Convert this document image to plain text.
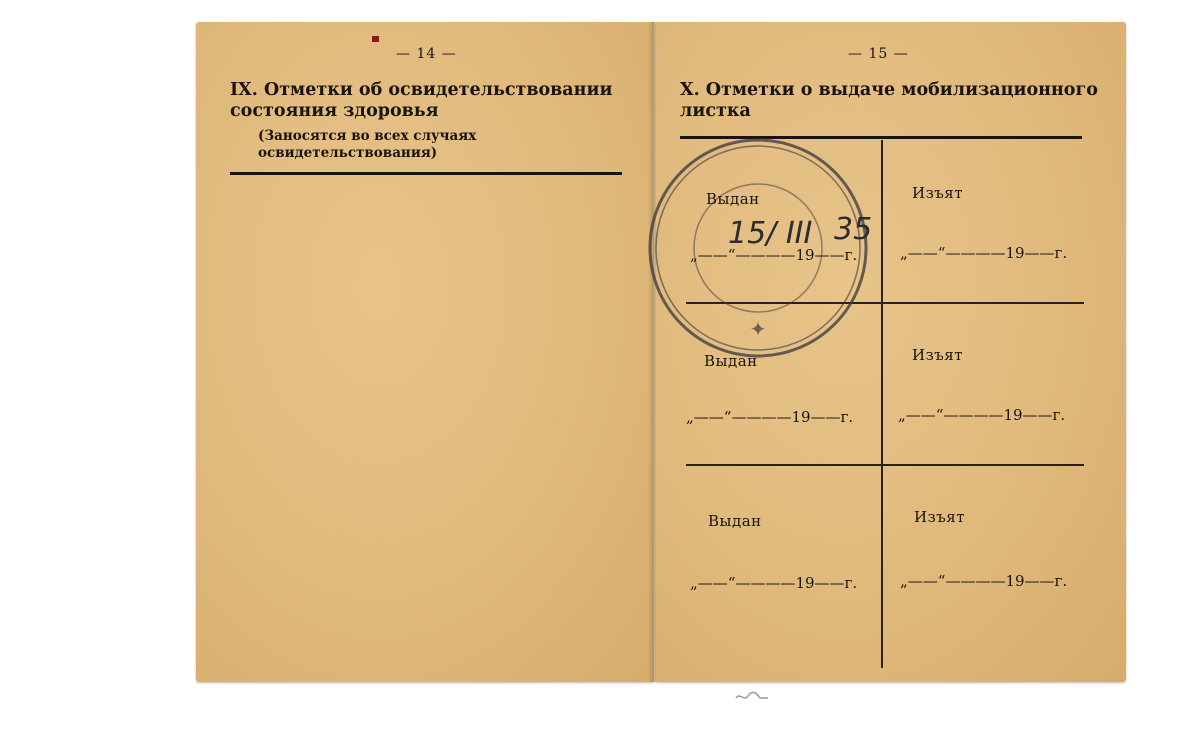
— 14 —
IX. Отметки об освидетельствовании состояния здоровья
(Заносятся во всех случаях освидетельствования)
— 15 —
X. Отметки о выдаче мобилизационного листка
✦
Выдан	Изъят
„——“————19——г.	„——“————19——г.
15/ III 35
Выдан	Изъят
„——“————19——г.	„——“————19——г.
Выдан	Изъят
„——“————19——г.	„——“————19——г.
